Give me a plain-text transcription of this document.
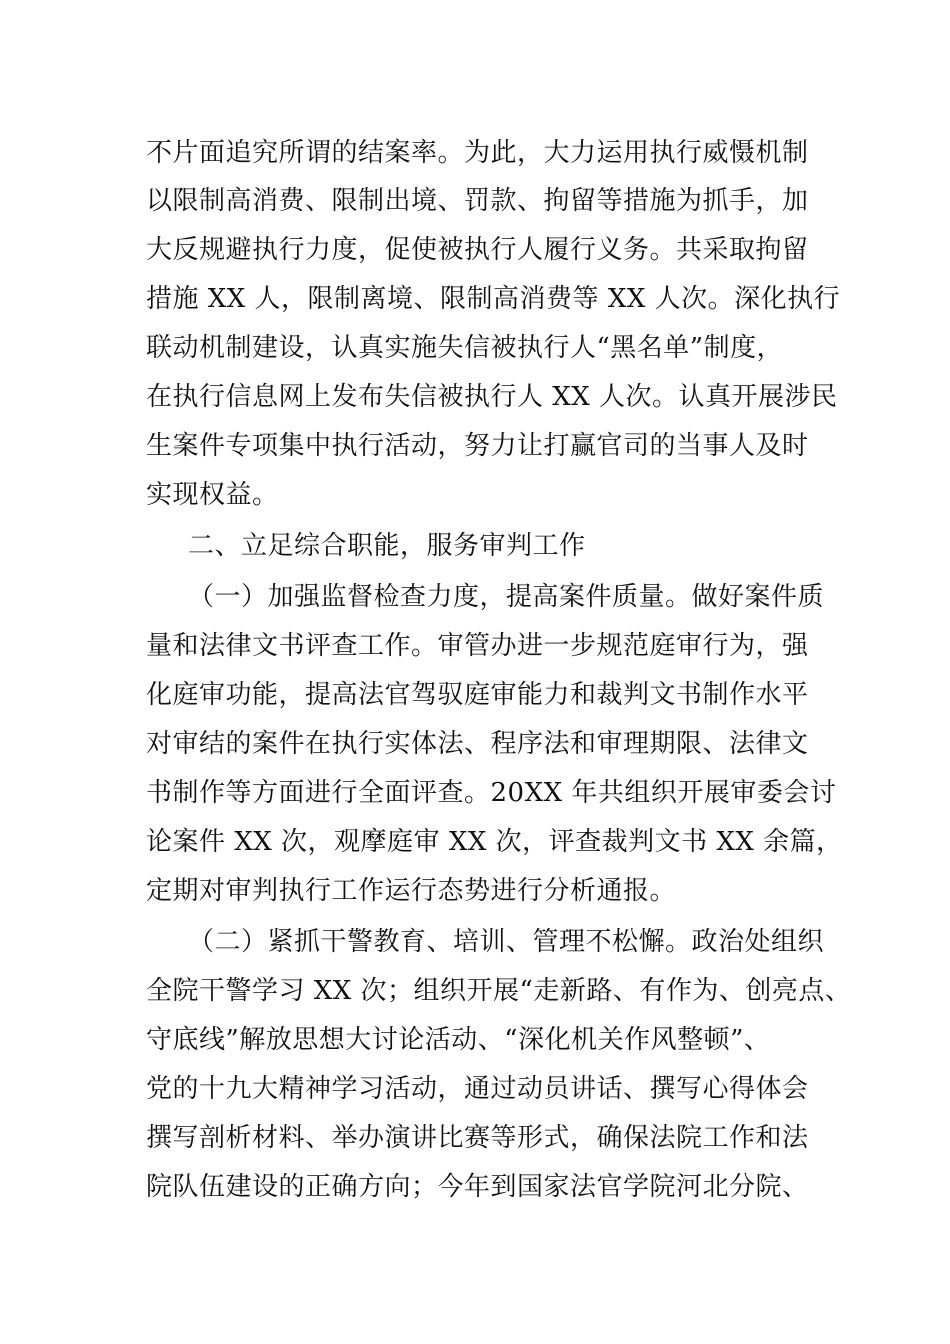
不片面追究所谓的结案率。为此，大力运用执行威慑机制
以限制高消费、限制出境、罚款、拘留等措施为抓手，加
大反规避执行力度，促使被执行人履行义务。共采取拘留
措施 XX 人，限制离境、限制高消费等 XX 人次。深化执行
联动机制建设，认真实施失信被执行人“黑名单”制度，
在执行信息网上发布失信被执行人 XX 人次。认真开展涉民
生案件专项集中执行活动，努力让打赢官司的当事人及时
实现权益。
二、立足综合职能，服务审判工作
（一）加强监督检查力度，提高案件质量。做好案件质
量和法律文书评查工作。审管办进一步规范庭审行为，强
化庭审功能，提高法官驾驭庭审能力和裁判文书制作水平
对审结的案件在执行实体法、程序法和审理期限、法律文
书制作等方面进行全面评查。20XX 年共组织开展审委会讨
论案件 XX 次，观摩庭审 XX 次，评查裁判文书 XX 余篇，
定期对审判执行工作运行态势进行分析通报。
（二）紧抓干警教育、培训、管理不松懈。政治处组织
全院干警学习 XX 次；组织开展“走新路、有作为、创亮点、
守底线”解放思想大讨论活动、“深化机关作风整顿”、
党的十九大精神学习活动，通过动员讲话、撰写心得体会
撰写剖析材料、举办演讲比赛等形式，确保法院工作和法
院队伍建设的正确方向；今年到国家法官学院河北分院、
